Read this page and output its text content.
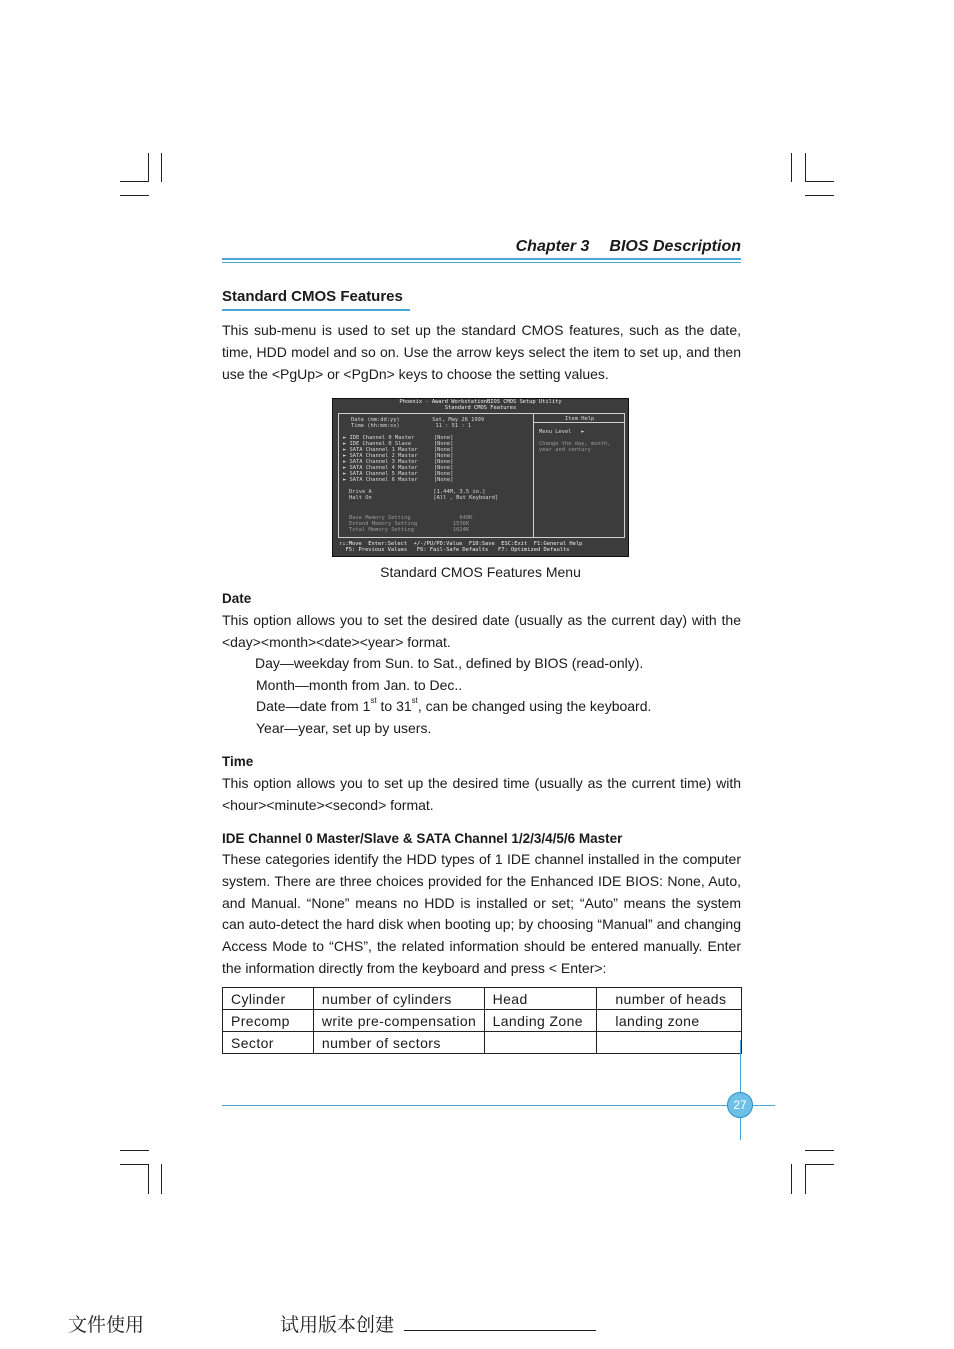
Chapter 3 BIOS Description
Standard CMOS Features

This sub-menu is used to set up the standard CMOS features, such as the date, time, HDD model and so on. Use the arrow keys select the item to set up, and then use the <PgUp> or <PgDn> keys to choose the setting values.

Phoenix - Award WorkstationBIOS CMOS Setup Utility
Standard CMOS Features
Date (mm:dd:yy)          Sat, May 26 1999
Time (hh:mm:ss)           11 : 51 : 1
► IDE Channel 0 Master      [None]
► IDE Channel 0 Slave       [None]
► SATA Channel 1 Master     [None]
► SATA Channel 2 Master     [None]
► SATA Channel 3 Master     [None]
► SATA Channel 4 Master     [None]
► SATA Channel 5 Master     [None]
► SATA Channel 6 Master     [None]
Drive A                   [1.44M, 3.5 in.]
Halt On                   [All , But Keyboard]
Base Memory Setting               640K
Extend Memory Setting           1536K
Total Memory Setting            1024K
Item Help
Menu Level   ►
Change the day, month,
year and century
↑↓:Move  Enter:Select  +/-/PU/PD:Value  F10:Save  ESC:Exit  F1:General Help
F5: Previous Values   F6: Fail-Safe Defaults   F7: Optimized Defaults
Standard CMOS Features Menu
Date

This option allows you to set the desired date (usually as the current day) with the <day><month><date><year> format.

Day—weekday from Sun. to Sat., defined by BIOS (read-only).
Month—month from Jan. to Dec..
Date—date from 1st to 31st, can be changed using the keyboard.
Year—year, set up by users.
Time

This option allows you to set up the desired time (usually as the current time) with <hour><minute><second> format.

IDE Channel 0 Master/Slave & SATA Channel 1/2/3/4/5/6 Master

These categories identify the HDD types of 1 IDE channel installed in the computer system. There are three choices provided for the Enhanced IDE BIOS: None, Auto, and Manual. “None” means no HDD is installed or set; “Auto” means the system can auto-detect the hard disk when booting up; by choosing “Manual” and changing Access Mode to “CHS”, the related information should be entered manually. Enter the information directly from the keyboard and press < Enter>:

Cylinder	number of cylinders	Head	number of heads
Precomp	write pre-compensation	Landing Zone	landing zone
Sector	number of sectors		
27
文件使用	试用版本创建
